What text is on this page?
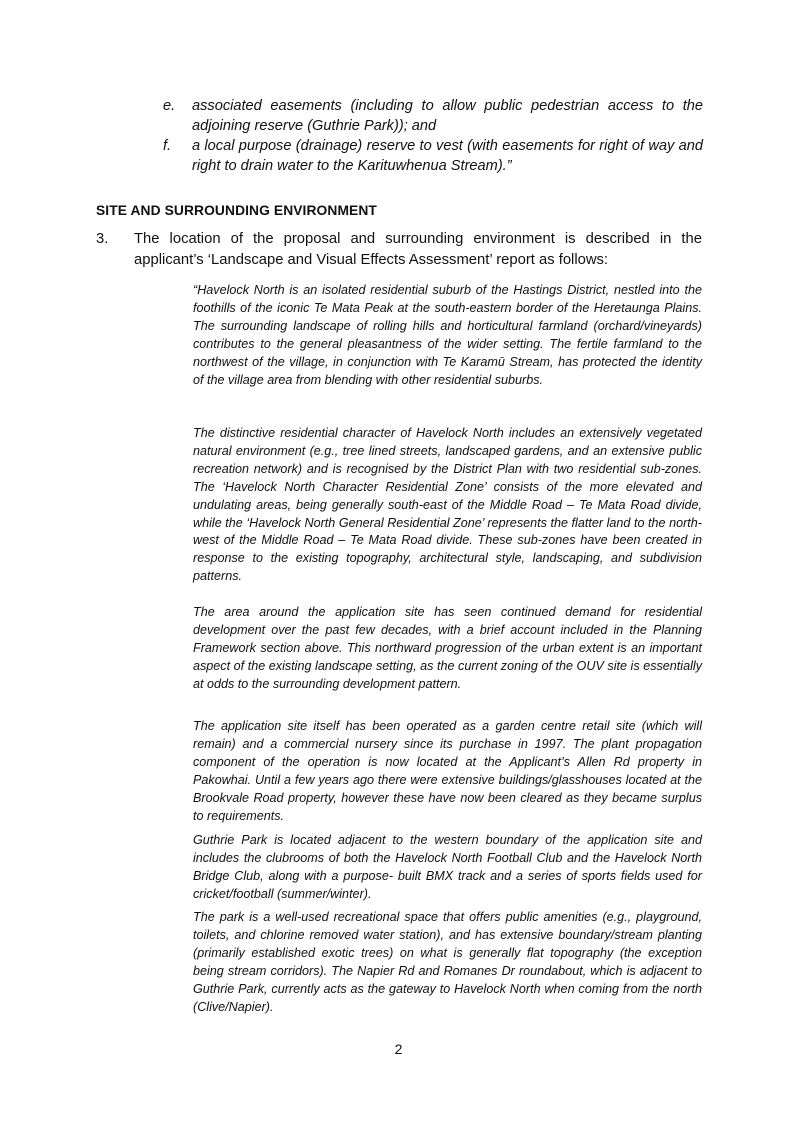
e.	associated easements (including to allow public pedestrian access to the adjoining reserve (Guthrie Park)); and
f.	a local purpose (drainage) reserve to vest (with easements for right of way and right to drain water to the Karituwhenua Stream).”
SITE AND SURROUNDING ENVIRONMENT
3. The location of the proposal and surrounding environment is described in the applicant’s ‘Landscape and Visual Effects Assessment’ report as follows:
“Havelock North is an isolated residential suburb of the Hastings District, nestled into the foothills of the iconic Te Mata Peak at the south-eastern border of the Heretaunga Plains. The surrounding landscape of rolling hills and horticultural farmland (orchard/vineyards) contributes to the general pleasantness of the wider setting. The fertile farmland to the northwest of the village, in conjunction with Te Karamū Stream, has protected the identity of the village area from blending with other residential suburbs.
The distinctive residential character of Havelock North includes an extensively vegetated natural environment (e.g., tree lined streets, landscaped gardens, and an extensive public recreation network) and is recognised by the District Plan with two residential sub-zones. The ‘Havelock North Character Residential Zone’ consists of the more elevated and undulating areas, being generally south-east of the Middle Road – Te Mata Road divide, while the ‘Havelock North General Residential Zone’ represents the flatter land to the north-west of the Middle Road – Te Mata Road divide. These sub-zones have been created in response to the existing topography, architectural style, landscaping, and subdivision patterns.
The area around the application site has seen continued demand for residential development over the past few decades, with a brief account included in the Planning Framework section above. This northward progression of the urban extent is an important aspect of the existing landscape setting, as the current zoning of the OUV site is essentially at odds to the surrounding development pattern.
The application site itself has been operated as a garden centre retail site (which will remain) and a commercial nursery since its purchase in 1997. The plant propagation component of the operation is now located at the Applicant’s Allen Rd property in Pakowhai. Until a few years ago there were extensive buildings/glasshouses located at the Brookvale Road property, however these have now been cleared as they became surplus to requirements.
Guthrie Park is located adjacent to the western boundary of the application site and includes the clubrooms of both the Havelock North Football Club and the Havelock North Bridge Club, along with a purpose- built BMX track and a series of sports fields used for cricket/football (summer/winter).
The park is a well-used recreational space that offers public amenities (e.g., playground, toilets, and chlorine removed water station), and has extensive boundary/stream planting (primarily established exotic trees) on what is generally flat topography (the exception being stream corridors). The Napier Rd and Romanes Dr roundabout, which is adjacent to Guthrie Park, currently acts as the gateway to Havelock North when coming from the north (Clive/Napier).
2
